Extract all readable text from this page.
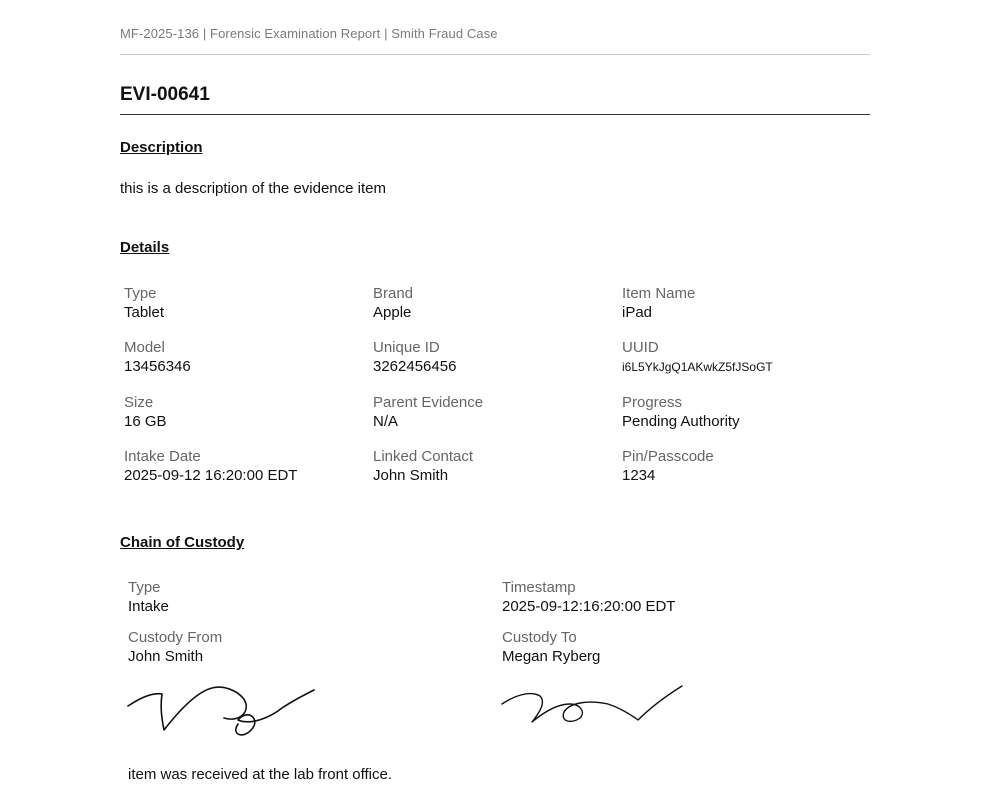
MF-2025-136 | Forensic Examination Report | Smith Fraud Case
EVI-00641
Description
this is a description of the evidence item
Details
Type
Tablet
Brand
Apple
Item Name
iPad
Model
13456346
Unique ID
3262456456
UUID
i6L5YkJgQ1AKwkZ5fJSoGT
Size
16 GB
Parent Evidence
N/A
Progress
Pending Authority
Intake Date
2025-09-12 16:20:00 EDT
Linked Contact
John Smith
Pin/Passcode
1234
Chain of Custody
Type
Intake
Timestamp
2025-09-12:16:20:00 EDT
Custody From
John Smith
Custody To
Megan Ryberg
item was received at the lab front office.
